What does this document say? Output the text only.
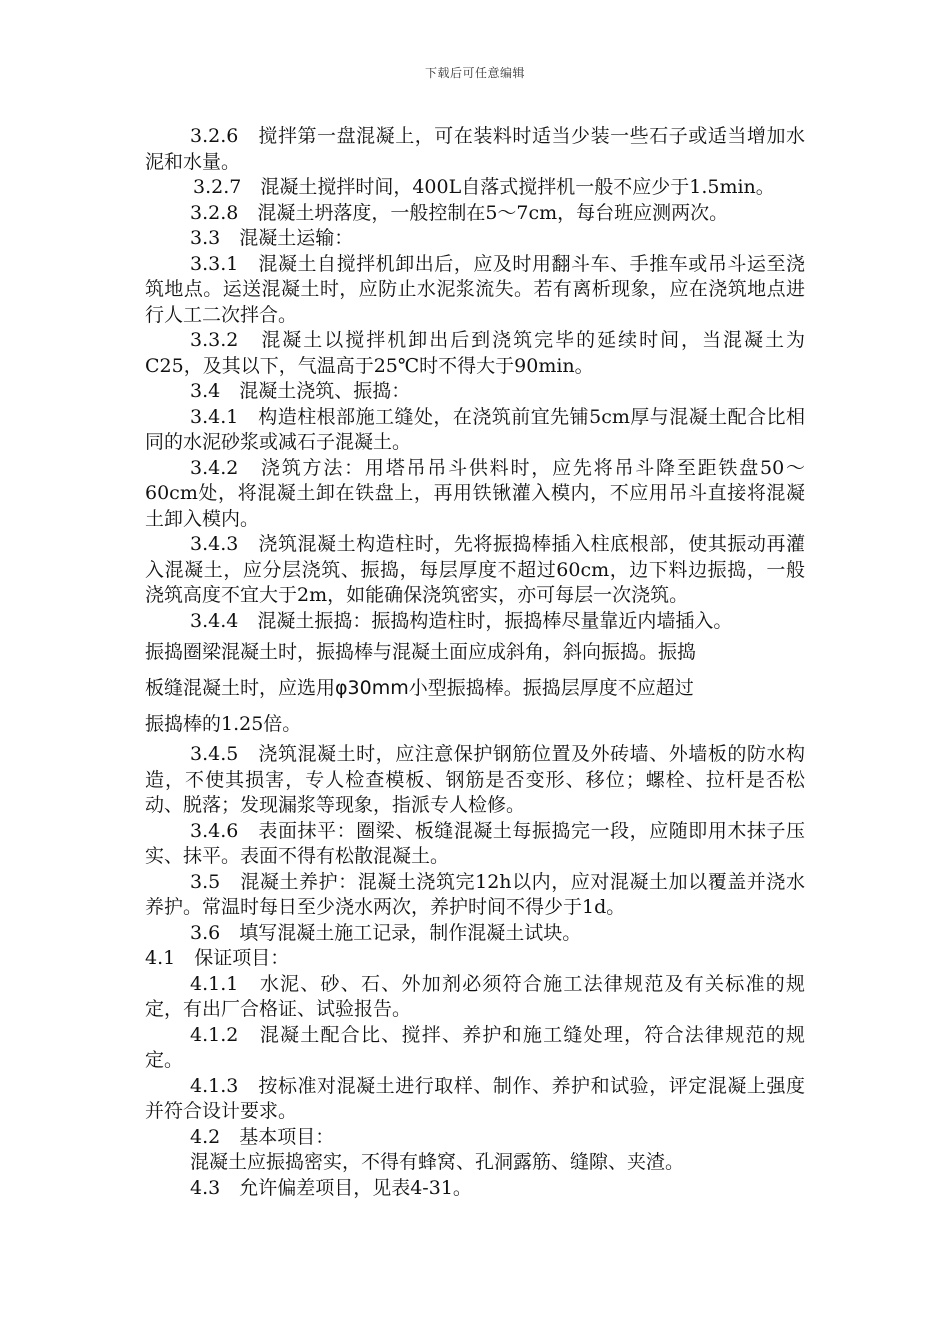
下载后可任意编辑

3.2.6　搅拌第一盘混凝上，可在装料时适当少装一些石子或适当增加水泥和水量。

3.2.7　混凝土搅拌时间，400L自落式搅拌机一般不应少于1.5min。

3.2.8　混凝土坍落度，一般控制在5～7cm，每台班应测两次。

3.3　混凝土运输：

3.3.1　混凝土自搅拌机卸出后，应及时用翻斗车、手推车或吊斗运至浇筑地点。运送混凝土时，应防止水泥浆流失。若有离析现象，应在浇筑地点进行人工二次拌合。

3.3.2　混凝土以搅拌机卸出后到浇筑完毕的延续时间，当混凝土为C25，及其以下，气温高于25℃时不得大于90min。

3.4　混凝土浇筑、振捣：

3.4.1　构造柱根部施工缝处，在浇筑前宜先铺5cm厚与混凝土配合比相同的水泥砂浆或减石子混凝土。

3.4.2　浇筑方法：用塔吊吊斗供料时，应先将吊斗降至距铁盘50～60cm处，将混凝土卸在铁盘上，再用铁锹灌入模内，不应用吊斗直接将混凝土卸入模内。

3.4.3　浇筑混凝土构造柱时，先将振捣棒插入柱底根部，使其振动再灌入混凝土，应分层浇筑、振捣，每层厚度不超过60cm，边下料边振捣，一般浇筑高度不宜大于2m，如能确保浇筑密实，亦可每层一次浇筑。

3.4.4　混凝土振捣：振捣构造柱时，振捣棒尽量靠近内墙插入。

振捣圈梁混凝土时，振捣棒与混凝土面应成斜角，斜向振捣。振捣

板缝混凝土时，应选用φ30mm小型振捣棒。振捣层厚度不应超过

振捣棒的1.25倍。

3.4.5　浇筑混凝土时，应注意保护钢筋位置及外砖墙、外墙板的防水构造，不使其损害，专人检查模板、钢筋是否变形、移位；螺栓、拉杆是否松动、脱落；发现漏浆等现象，指派专人检修。

3.4.6　表面抹平：圈梁、板缝混凝土每振捣完一段，应随即用木抹子压实、抹平。表面不得有松散混凝土。

3.5　混凝土养护：混凝土浇筑完12h以内，应对混凝土加以覆盖并浇水养护。常温时每日至少浇水两次，养护时间不得少于1d。

3.6　填写混凝土施工记录，制作混凝土试块。

4.1　保证项目：

4.1.1　水泥、砂、石、外加剂必须符合施工法律规范及有关标准的规定，有出厂合格证、试验报告。

4.1.2　混凝土配合比、搅拌、养护和施工缝处理，符合法律规范的规定。

4.1.3　按标准对混凝土进行取样、制作、养护和试验，评定混凝上强度并符合设计要求。

4.2　基本项目：

混凝土应振捣密实，不得有蜂窝、孔洞露筋、缝隙、夹渣。

4.3　允许偏差项目，见表4-31。
